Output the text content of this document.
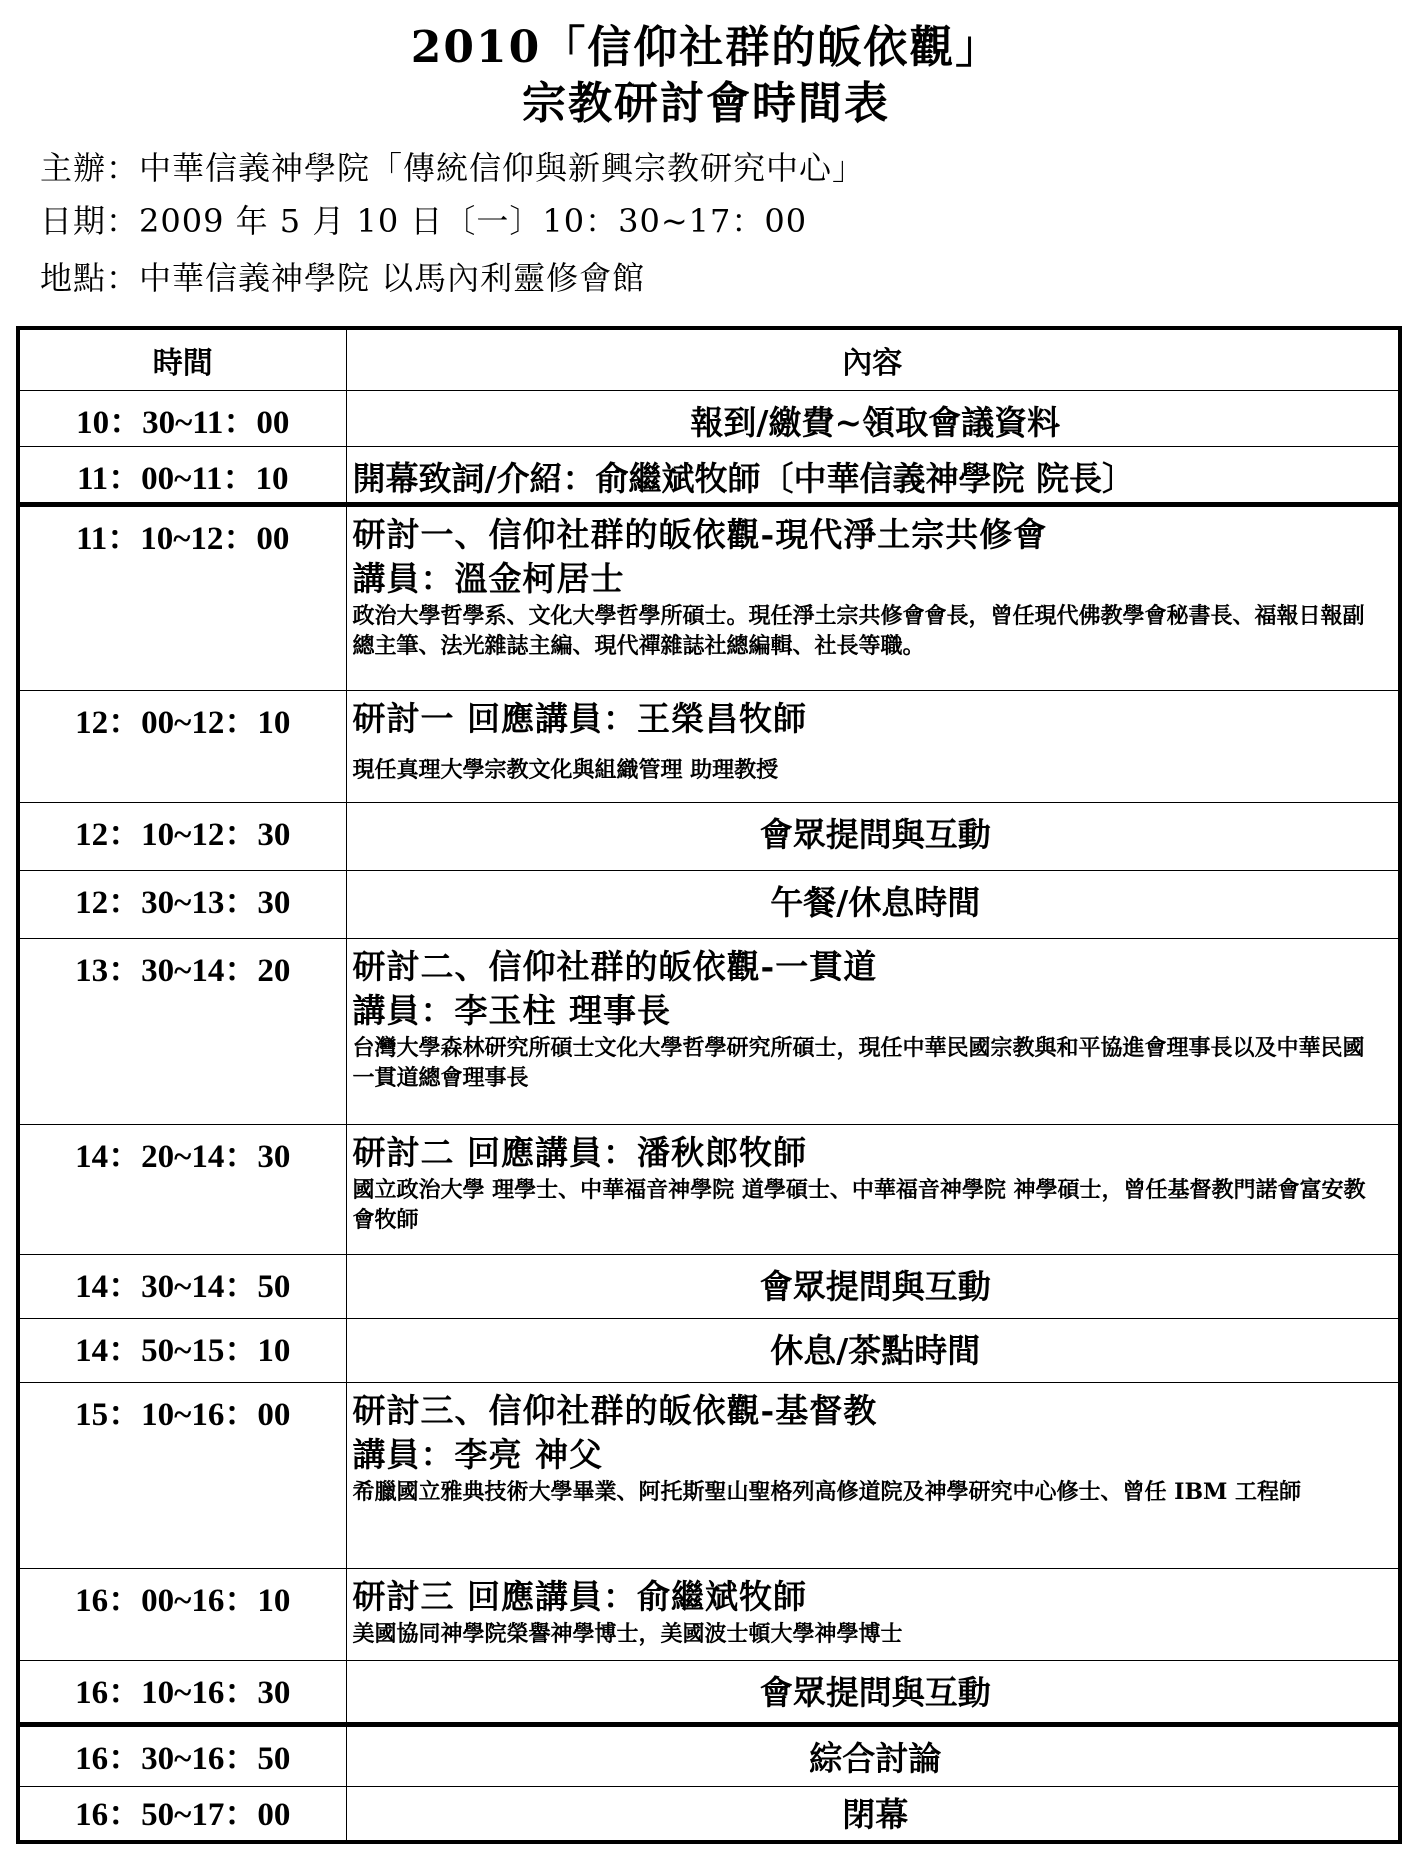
2010「信仰社群的皈依觀」
宗教研討會時間表
主辦：中華信義神學院「傳統信仰與新興宗教研究中心」
日期：2009 年 5 月 10 日〔一〕10：30~17：00
地點：中華信義神學院 以馬內利靈修會館
時間	內容

10：30~11：00	報到/繳費~領取會議資料

11：00~11：10	開幕致詞/介紹：俞繼斌牧師〔中華信義神學院 院長〕

11：10~12：00	研討一、信仰社群的皈依觀-現代淨土宗共修會
講員：溫金柯居士
政治大學哲學系、文化大學哲學所碩士。現任淨土宗共修會會長，曾任現代佛教學會秘書長、福報日報副總主筆、法光雜誌主編、現代禪雜誌社總編輯、社長等職。

12：00~12：10	研討一 回應講員：王榮昌牧師
現任真理大學宗教文化與組織管理 助理教授

12：10~12：30	會眾提問與互動

12：30~13：30	午餐/休息時間

13：30~14：20	研討二、信仰社群的皈依觀-一貫道
講員：李玉柱 理事長
台灣大學森林研究所碩士文化大學哲學研究所碩士，現任中華民國宗教與和平協進會理事長以及中華民國一貫道總會理事長

14：20~14：30	研討二 回應講員：潘秋郎牧師
國立政治大學 理學士、中華福音神學院 道學碩士、中華福音神學院 神學碩士，曾任基督教門諾會富安教會牧師

14：30~14：50	會眾提問與互動

14：50~15：10	休息/茶點時間

15：10~16：00	研討三、信仰社群的皈依觀-基督教
講員：李亮 神父
希臘國立雅典技術大學畢業、阿托斯聖山聖格列高修道院及神學研究中心修士、曾任 IBM 工程師

16：00~16：10	研討三 回應講員：俞繼斌牧師
美國協同神學院榮譽神學博士，美國波士頓大學神學博士

16：10~16：30	會眾提問與互動

16：30~16：50	綜合討論

16：50~17：00	閉幕
